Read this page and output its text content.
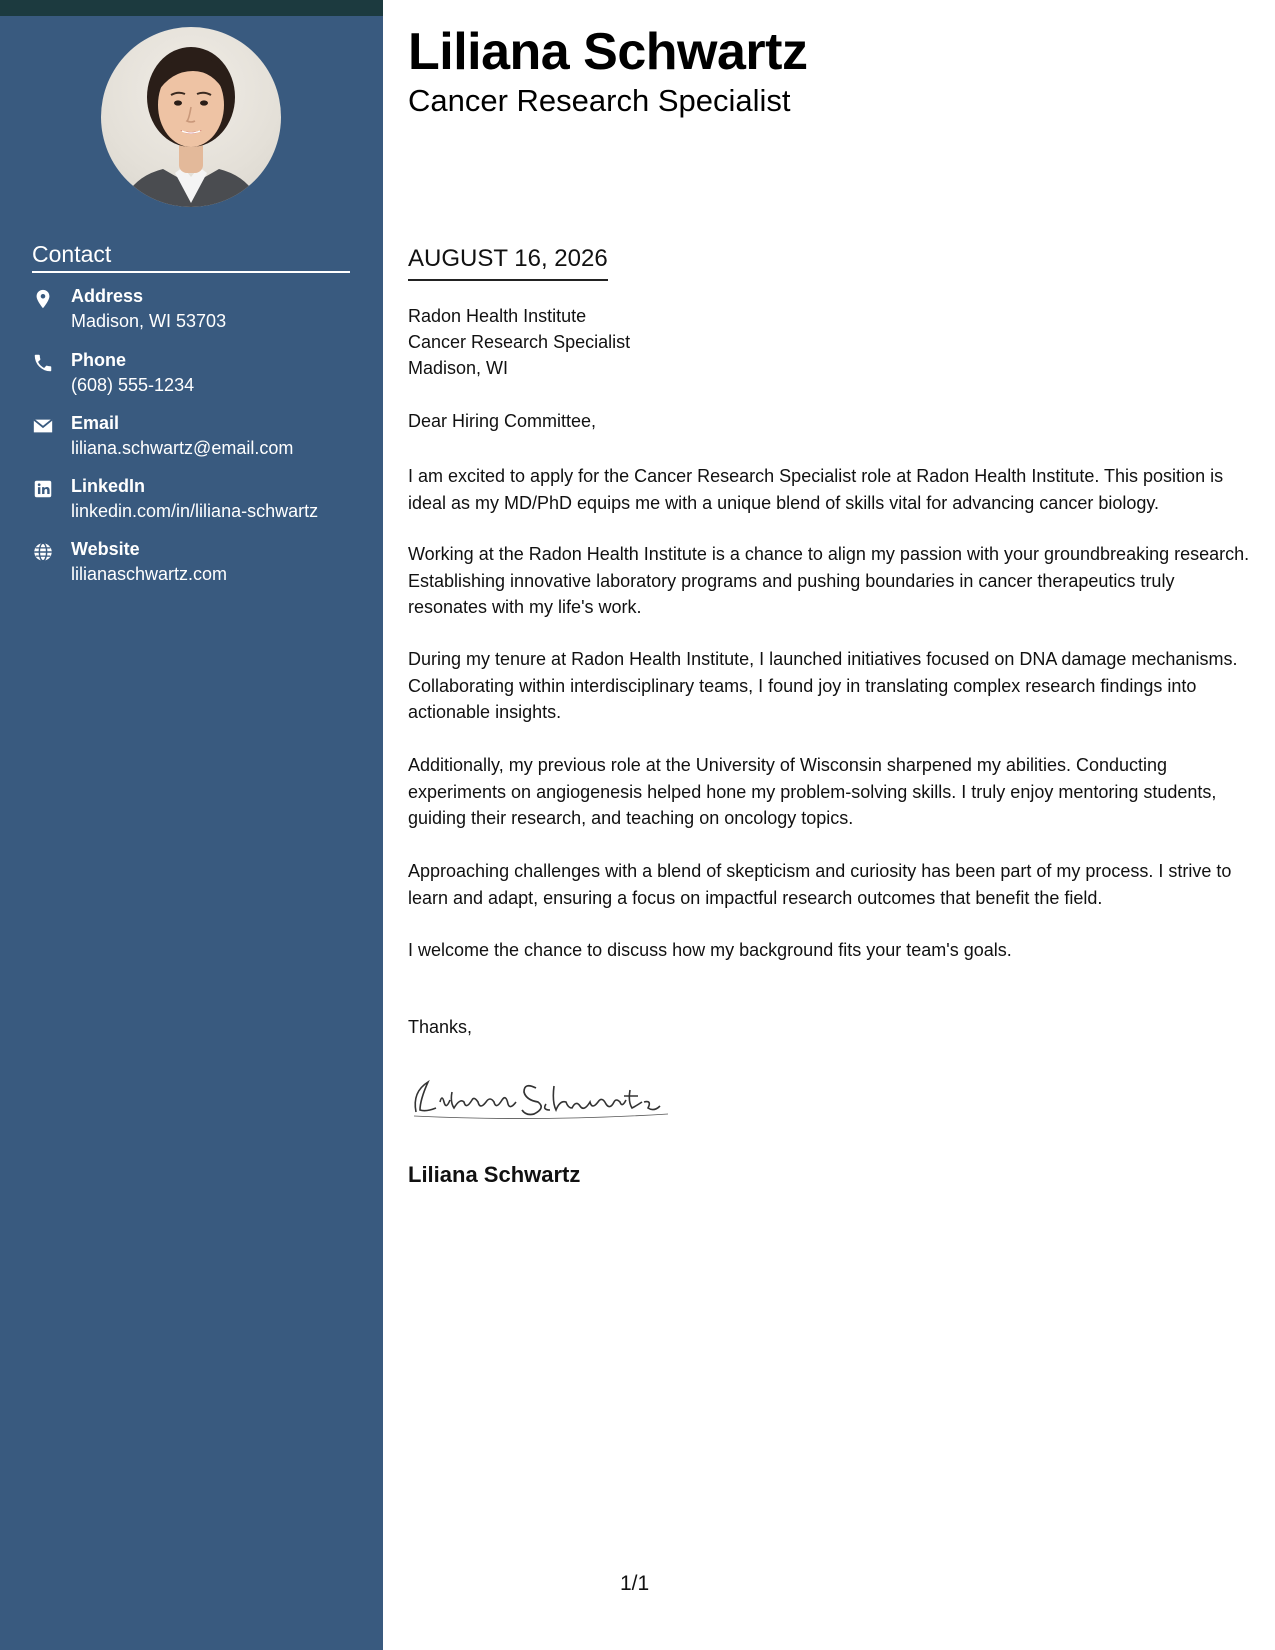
Contact
Address
Madison, WI 53703
Phone
(608) 555-1234
Email
liliana.schwartz@email.com
LinkedIn
linkedin.com/in/liliana-schwartz
Website
lilianaschwartz.com
Liliana Schwartz
Cancer Research Specialist
AUGUST 16, 2026
Radon Health Institute
Cancer Research Specialist
Madison, WI
Dear Hiring Committee,
I am excited to apply for the Cancer Research Specialist role at Radon Health Institute. This position is ideal as my MD/PhD equips me with a unique blend of skills vital for advancing cancer biology.
Working at the Radon Health Institute is a chance to align my passion with your groundbreaking research. Establishing innovative laboratory programs and pushing boundaries in cancer therapeutics truly resonates with my life's work.
During my tenure at Radon Health Institute, I launched initiatives focused on DNA damage mechanisms. Collaborating within interdisciplinary teams, I found joy in translating complex research findings into actionable insights.
Additionally, my previous role at the University of Wisconsin sharpened my abilities. Conducting experiments on angiogenesis helped hone my problem-solving skills. I truly enjoy mentoring students, guiding their research, and teaching on oncology topics.
Approaching challenges with a blend of skepticism and curiosity has been part of my process. I strive to learn and adapt, ensuring a focus on impactful research outcomes that benefit the field.
I welcome the chance to discuss how my background fits your team's goals.
Thanks,
Liliana Schwartz
1/1
